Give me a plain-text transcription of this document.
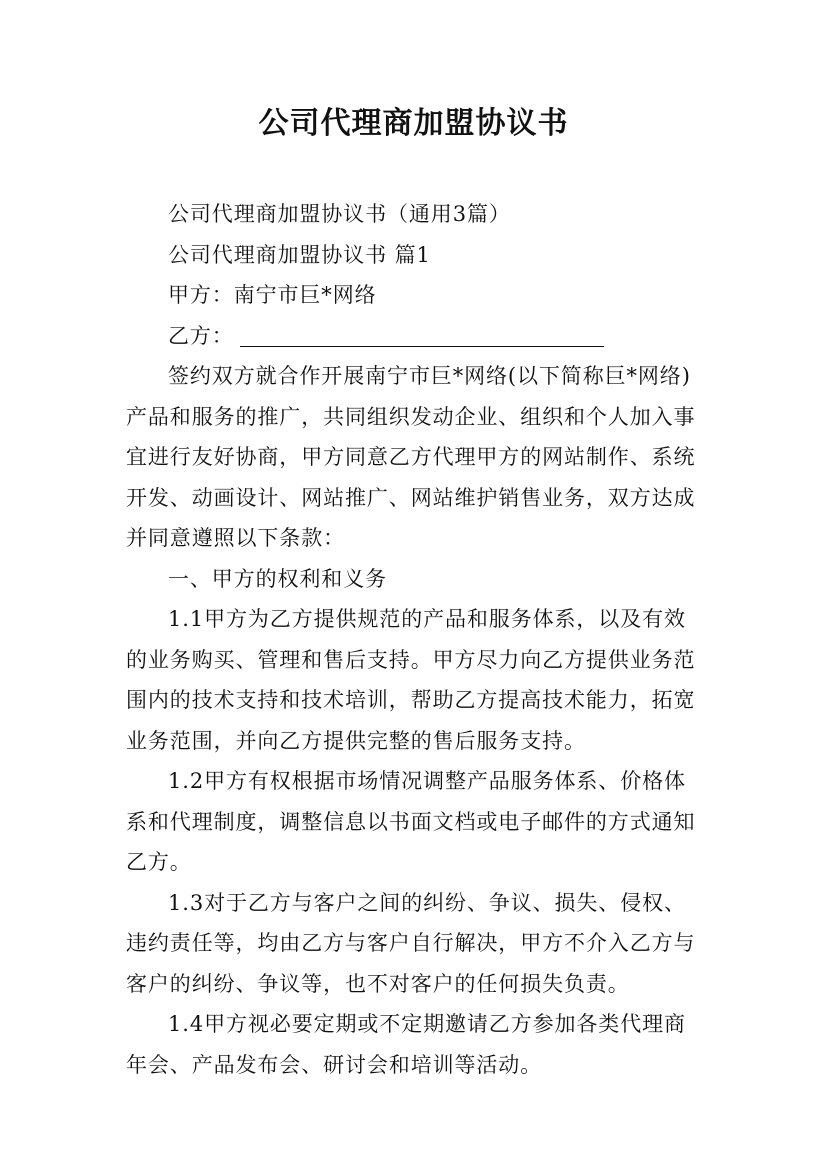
公司代理商加盟协议书

公司代理商加盟协议书（通用3篇）

公司代理商加盟协议书 篇1

甲方：南宁市巨*网络

乙方：

签约双方就合作开展南宁市巨*网络(以下简称巨*网络)产品和服务的推广，共同组织发动企业、组织和个人加入事宜进行友好协商，甲方同意乙方代理甲方的网站制作、系统开发、动画设计、网站推广、网站维护销售业务，双方达成并同意遵照以下条款：

一、甲方的权利和义务

1.1甲方为乙方提供规范的产品和服务体系，以及有效的业务购买、管理和售后支持。甲方尽力向乙方提供业务范围内的技术支持和技术培训，帮助乙方提高技术能力，拓宽业务范围，并向乙方提供完整的售后服务支持。

1.2甲方有权根据市场情况调整产品服务体系、价格体系和代理制度，调整信息以书面文档或电子邮件的方式通知乙方。

1.3对于乙方与客户之间的纠纷、争议、损失、侵权、违约责任等，均由乙方与客户自行解决，甲方不介入乙方与客户的纠纷、争议等，也不对客户的任何损失负责。

1.4甲方视必要定期或不定期邀请乙方参加各类代理商年会、产品发布会、研讨会和培训等活动。
